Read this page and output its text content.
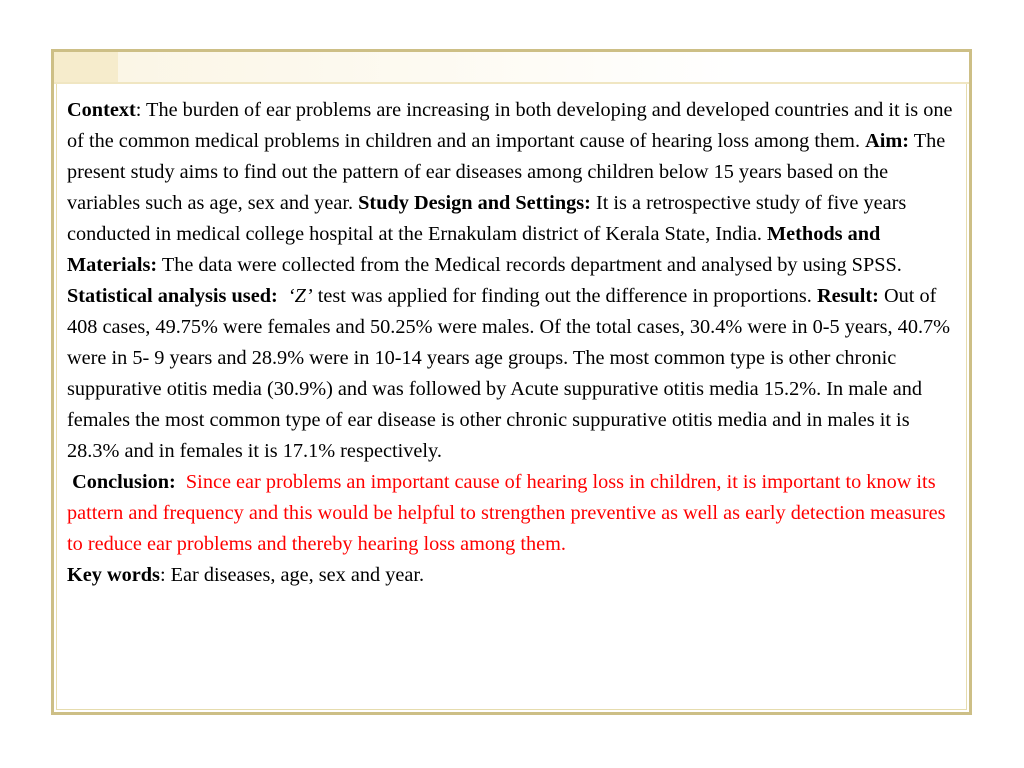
Context: The burden of ear problems are increasing in both developing and developed countries and it is one of the common medical problems in children and an important cause of hearing loss among them. Aim: The present study aims to find out the pattern of ear diseases among children below 15 years based on the variables such as age, sex and year. Study Design and Settings: It is a retrospective study of five years conducted in medical college hospital at the Ernakulam district of Kerala State, India. Methods and Materials: The data were collected from the Medical records department and analysed by using SPSS. Statistical analysis used: ‘Z’ test was applied for finding out the difference in proportions. Result: Out of 408 cases, 49.75% were females and 50.25% were males. Of the total cases, 30.4% were in 0-5 years, 40.7% were in 5- 9 years and 28.9% were in 10-14 years age groups. The most common type is other chronic suppurative otitis media (30.9%) and was followed by Acute suppurative otitis media 15.2%. In male and females the most common type of ear disease is other chronic suppurative otitis media and in males it is 28.3% and in females it is 17.1% respectively.
Conclusion: Since ear problems an important cause of hearing loss in children, it is important to know its pattern and frequency and this would be helpful to strengthen preventive as well as early detection measures to reduce ear problems and thereby hearing loss among them.
Key words: Ear diseases, age, sex and year.
